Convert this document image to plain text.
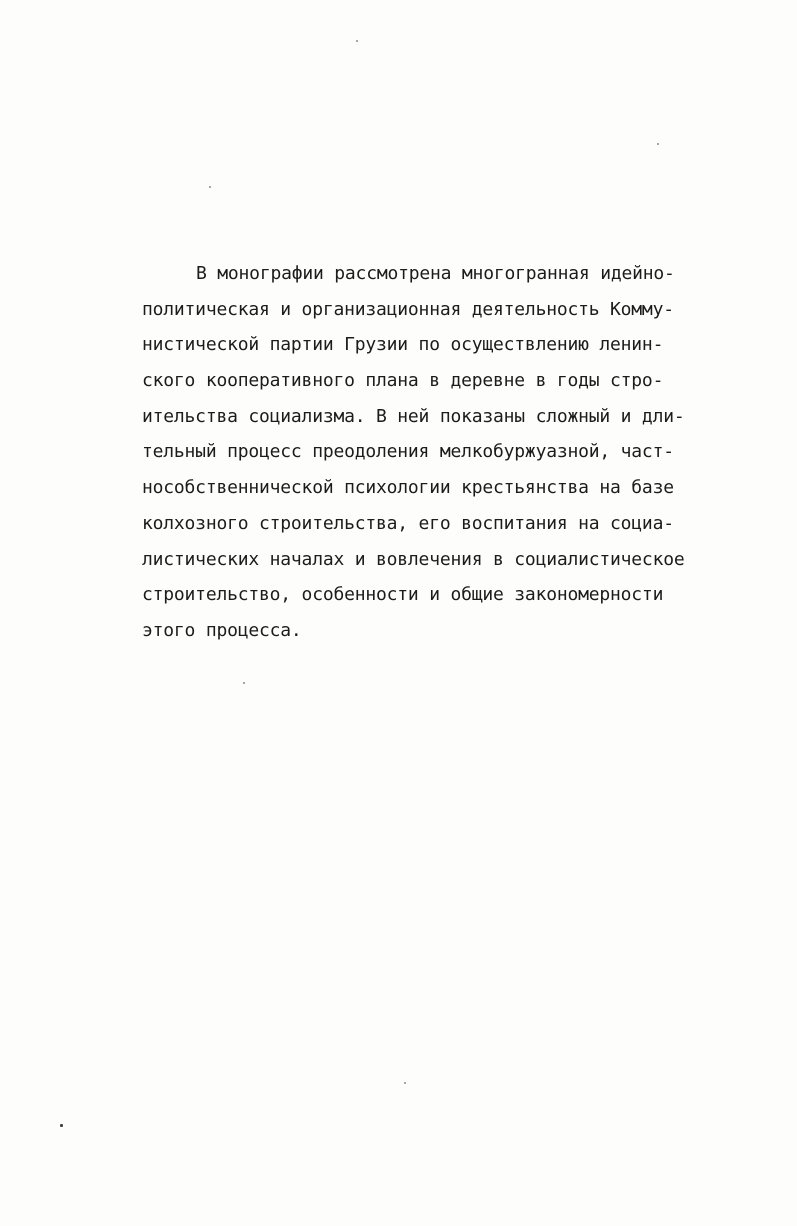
В монографии рассмотрена многогранная идейно-
политическая и организационная деятельность Комму-
нистической партии Грузии по осуществлению ленин-
ского кооперативного плана в деревне в годы стро-
ительства социализма. В ней показаны сложный и дли-
тельный процесс преодоления мелкобуржуазной, част-
нособственнической психологии крестьянства на базе
колхозного строительства, его воспитания на социа-
листических началах и вовлечения в социалистическое
строительство, особенности и общие закономерности
этого процесса.
